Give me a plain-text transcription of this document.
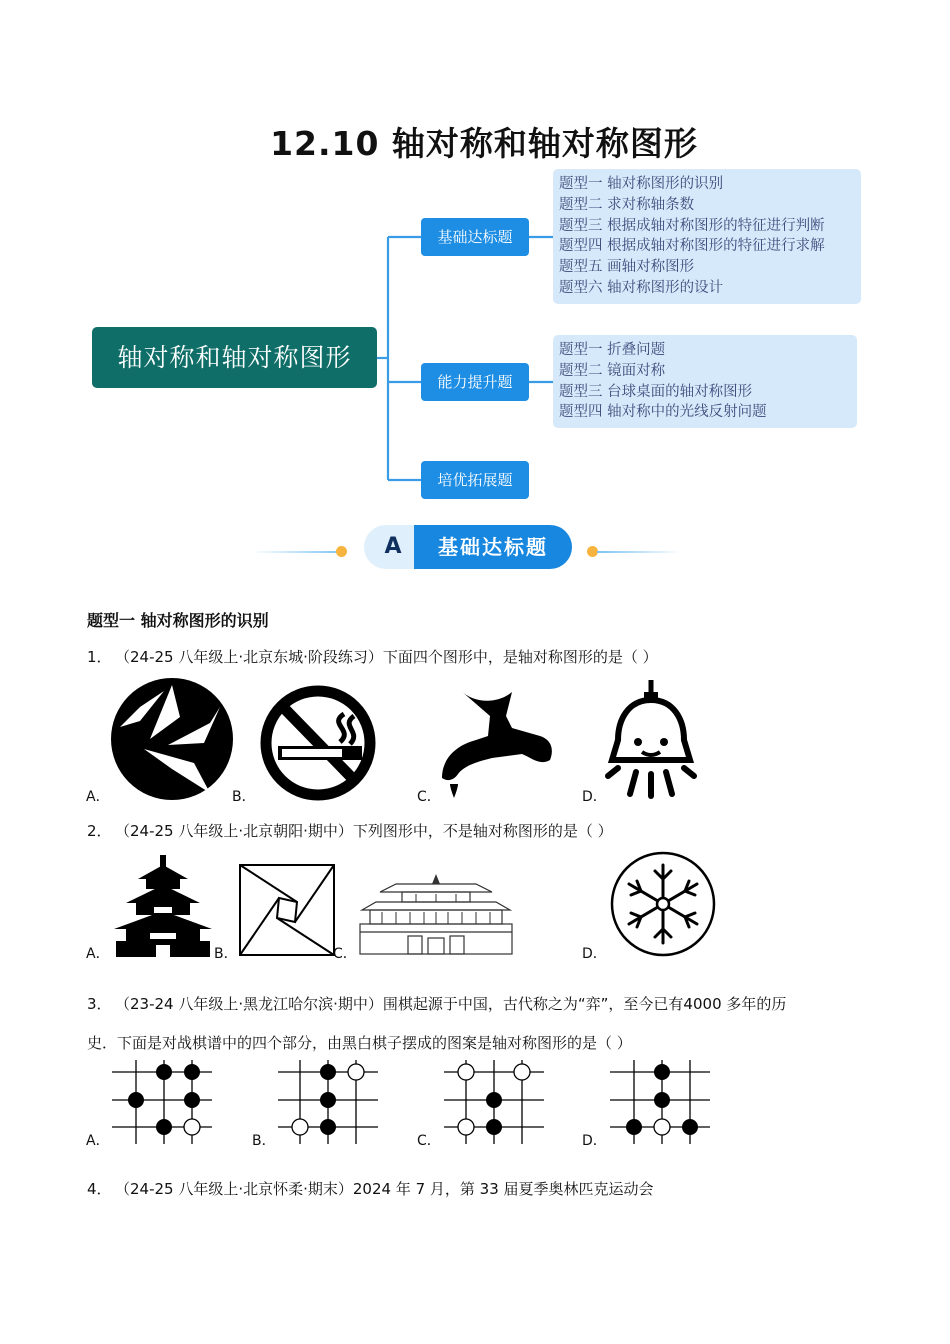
12.10 轴对称和轴对称图形
轴对称和轴对称图形
基础达标题
能力提升题
培优拓展题
题型一 轴对称图形的识别
题型二 求对称轴条数
题型三 根据成轴对称图形的特征进行判断
题型四 根据成轴对称图形的特征进行求解
题型五 画轴对称图形
题型六 轴对称图形的设计
题型一 折叠问题
题型二 镜面对称
题型三 台球桌面的轴对称图形
题型四 轴对称中的光线反射问题
A	基础达标题
题型一 轴对称图形的识别
1． （24-25 八年级上·北京东城·阶段练习）下面四个图形中，是轴对称图形的是（ ）
A．	B．	C．	D．
2． （24-25 八年级上·北京朝阳·期中）下列图形中，不是轴对称图形的是（ ）
A．	B．	C．	D．
3． （23-24 八年级上·黑龙江哈尔滨·期中）围棋起源于中国，古代称之为“弈”，至今已有4000 多年的历
史．下面是对战棋谱中的四个部分，由黑白棋子摆成的图案是轴对称图形的是（ ）
A．	B．	C．	D．
4． （24-25 八年级上·北京怀柔·期末）2024 年 7 月，第 33 届夏季奥林匹克运动会
